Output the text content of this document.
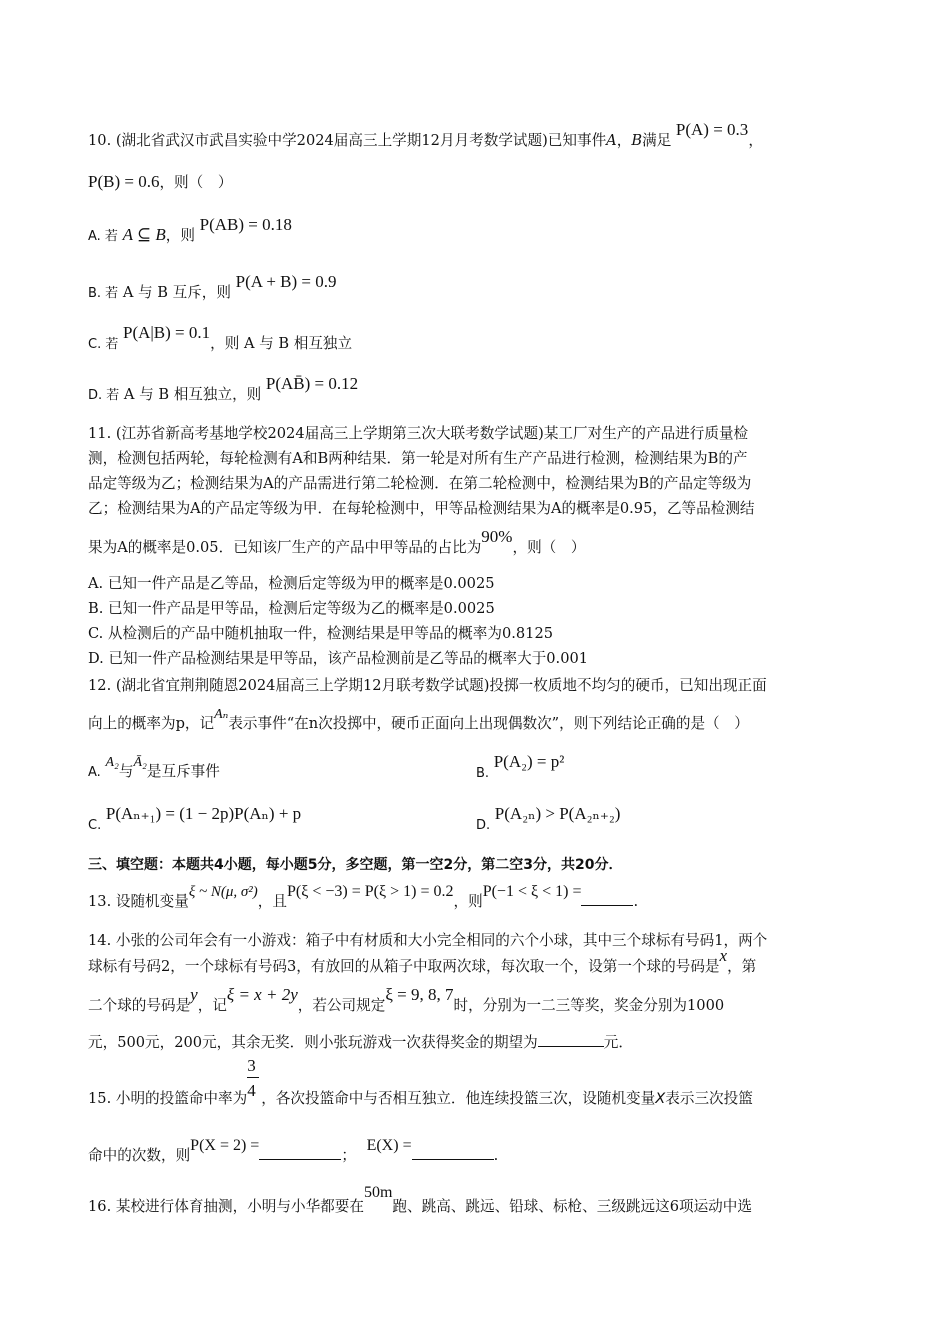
10. (湖北省武汉市武昌实验中学2024届高三上学期12月月考数学试题)已知事件A，B满足 P(A) = 0.3，
P(B) = 0.6，则（　）
A. 若 A ⊆ B，则 P(AB) = 0.18
B. 若 A 与 B 互斥，则 P(A + B) = 0.9
C. 若 P(A|B) = 0.1，则 A 与 B 相互独立
D. 若 A 与 B 相互独立，则 P(AB̄) = 0.12
11. (江苏省新高考基地学校2024届高三上学期第三次大联考数学试题)某工厂对生产的产品进行质量检
测，检测包括两轮，每轮检测有A和B两种结果．第一轮是对所有生产产品进行检测，检测结果为B的产
品定等级为乙；检测结果为A的产品需进行第二轮检测．在第二轮检测中，检测结果为B的产品定等级为
乙；检测结果为A的产品定等级为甲．在每轮检测中，甲等品检测结果为A的概率是0.95，乙等品检测结
果为A的概率是0.05．已知该厂生产的产品中甲等品的占比为90%，则（　）
A. 已知一件产品是乙等品，检测后定等级为甲的概率是0.0025
B. 已知一件产品是甲等品，检测后定等级为乙的概率是0.0025
C. 从检测后的产品中随机抽取一件，检测结果是甲等品的概率为0.8125
D. 已知一件产品检测结果是甲等品，该产品检测前是乙等品的概率大于0.001
12. (湖北省宜荆荆随恩2024届高三上学期12月联考数学试题)投掷一枚质地不均匀的硬币，已知出现正面
向上的概率为p，记Aₙ表示事件“在n次投掷中，硬币正面向上出现偶数次”，则下列结论正确的是（　）
A. A₂与Ā₂是互斥事件	B. P(A₂) = p²
C. P(Aₙ₊₁) = (1 − 2p)P(Aₙ) + p
D. P(A₂ₙ) > P(A₂ₙ₊₂)
三、填空题：本题共4小题，每小题5分，多空题，第一空2分，第二空3分，共20分．
13. 设随机变量ξ ~ N(μ, σ²)，且P(ξ < −3) = P(ξ > 1) = 0.2，则P(−1 < ξ < 1) =.
14. 小张的公司年会有一小游戏：箱子中有材质和大小完全相同的六个小球，其中三个球标有号码1，两个
球标有号码2，一个球标有号码3，有放回的从箱子中取两次球，每次取一个，设第一个球的号码是x，第
二个球的号码是y，记ξ = x + 2y，若公司规定ξ = 9, 8, 7时，分别为一二三等奖，奖金分别为1000
元，500元，200元，其余无奖．则小张玩游戏一次获得奖金的期望为	元．
15. 小明的投篮命中率为 $\frac{3}{4}$ ，各次投篮命中与否相互独立．他连续投篮三次，设随机变量X表示三次投篮
命中的次数，则P(X = 2) =； E(X) =.
16. 某校进行体育抽测，小明与小华都要在50m跑、跳高、跳远、铅球、标枪、三级跳远这6项运动中选
